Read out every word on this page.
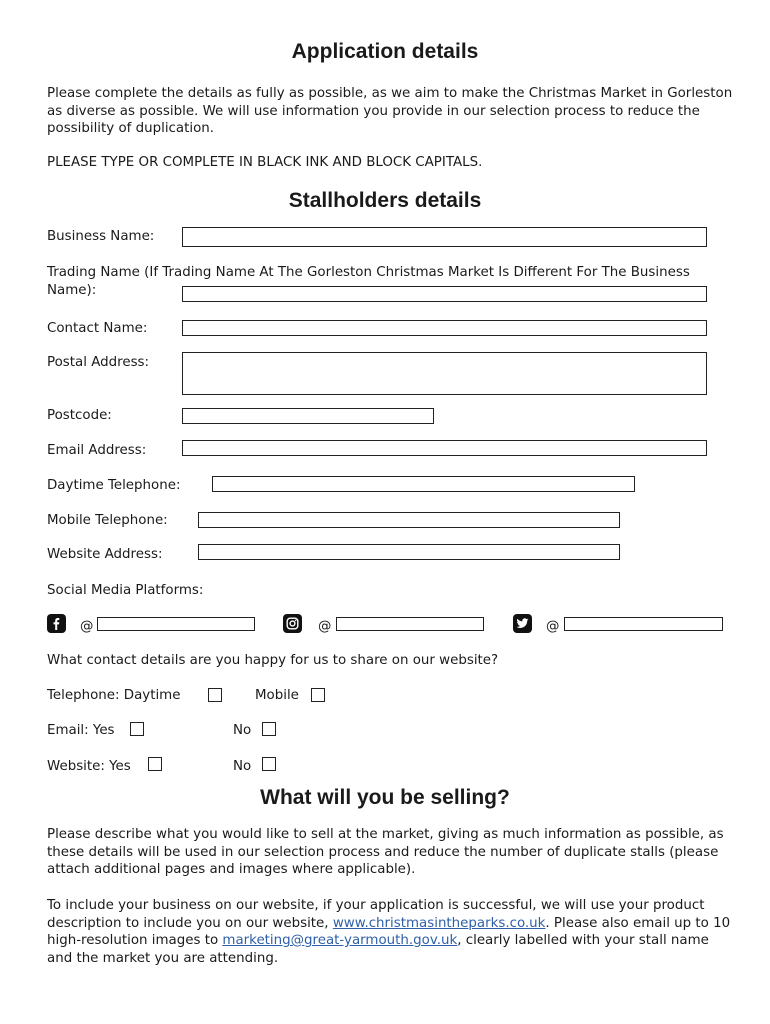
Application details
Please complete the details as fully as possible, as we aim to make the Christmas Market in Gorleston as diverse as possible. We will use information you provide in our selection process to reduce the possibility of duplication.
PLEASE TYPE OR COMPLETE IN BLACK INK AND BLOCK CAPITALS.
Stallholders details
Business Name:
Trading Name (If Trading Name At The Gorleston Christmas Market Is Different For The Business Name):
Contact Name:
Postal Address:
Postcode:
Email Address:
Daytime Telephone:
Mobile Telephone:
Website Address:
Social Media Platforms:
@	@	@
What contact details are you happy for us to share on our website?
Telephone: Daytime	Mobile
Email: Yes	No
Website: Yes	No
What will you be selling?
Please describe what you would like to sell at the market, giving as much information as possible, as these details will be used in our selection process and reduce the number of duplicate stalls (please attach additional pages and images where applicable).
To include your business on our website, if your application is successful, we will use your product description to include you on our website, www.christmasintheparks.co.uk. Please also email up to 10 high-resolution images to marketing@great-yarmouth.gov.uk, clearly labelled with your stall name and the market you are attending.
